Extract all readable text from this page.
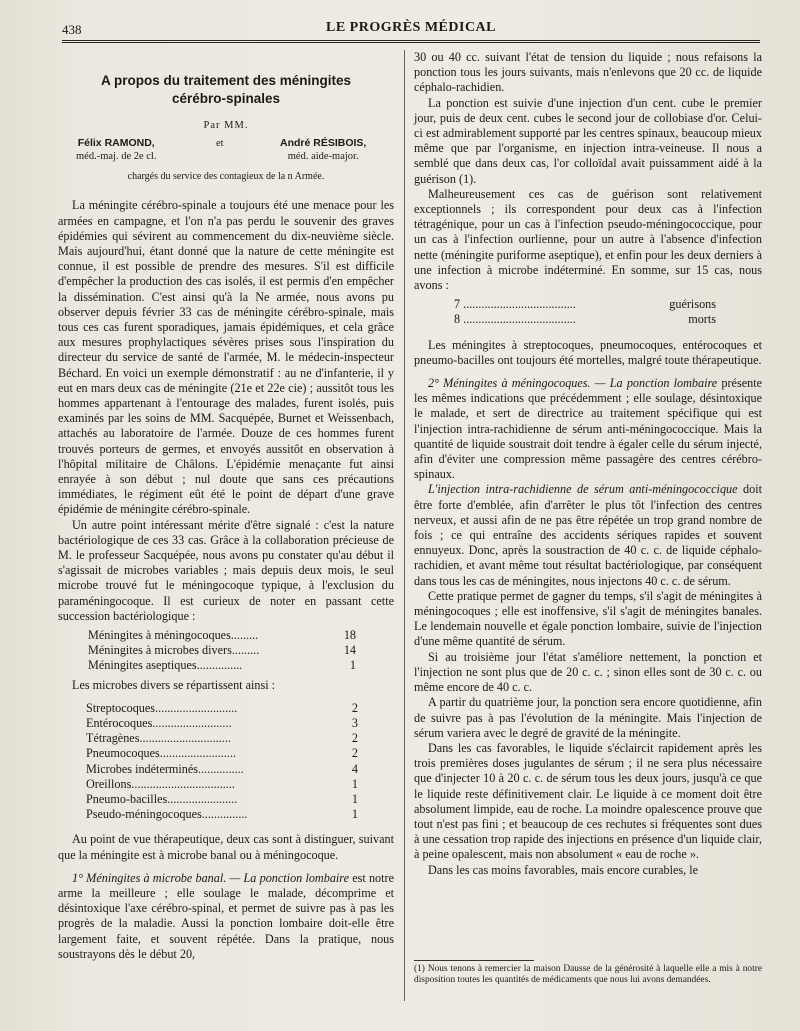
438	LE PROGRÈS MÉDICAL
A propos du traitement des méningites
cérébro-spinales
Par MM.
Félix RAMOND,
méd.-maj. de 2e cl.
et	André RÉSIBOIS,
méd. aide-major.
chargés du service des contagieux de la n Armée.

La méningite cérébro-spinale a toujours été une menace pour les armées en campagne, et l'on n'a pas perdu le souvenir des graves épidémies qui sévirent au commencement du dix-neuvième siècle. Mais aujourd'hui, étant donné que la nature de cette méningite est connue, il est possible de prendre des mesures. S'il est difficile d'empêcher la production des cas isolés, il est permis d'en empêcher la dissémination. C'est ainsi qu'à la Ne armée, nous avons pu observer depuis février 33 cas de méningite cérébro-spinale, mais tous ces cas furent sporadiques, jamais épidémiques, et cela grâce aux mesures prophylactiques sévères prises sous l'inspiration du directeur du service de santé de l'armée, M. le médecin-inspecteur Béchard. En voici un exemple démonstratif : au ne d'infanterie, il y eut en mars deux cas de méningite (21e et 22e cie) ; aussitôt tous les hommes appartenant à l'entourage des malades, furent isolés, puis examinés par les soins de MM. Sacquépée, Burnet et Weissenbach, attachés au laboratoire de l'armée. Douze de ces hommes furent trouvés porteurs de germes, et envoyés aussitôt en observation à l'hôpital militaire de Châlons. L'épidémie menaçante fut ainsi enrayée à son début ; nul doute que sans ces précautions immédiates, le régiment eût été le point de départ d'une grave épidémie de méningite cérébro-spinale.

Un autre point intéressant mérite d'être signalé : c'est la nature bactériologique de ces 33 cas. Grâce à la collaboration précieuse de M. le professeur Sacquépée, nous avons pu constater qu'au début il s'agissait de microbes variables ; mais depuis deux mois, le seul microbe trouvé fut le méningocoque typique, à l'exclusion du paraméningocoque. Il est curieux de noter en passant cette succession bactériologique :

Méningites à méningocoques.........	18
Méningites à microbes divers.........	14
Méningites aseptiques...............	1

Les microbes divers se répartissent ainsi :

Streptocoques...........................	2
Entérocoques..........................	3
Tétragènes..............................	2
Pneumocoques.........................	2
Microbes indéterminés...............	4
Oreillons..................................	1
Pneumo-bacilles.......................	1
Pseudo-méningocoques...............	1

Au point de vue thérapeutique, deux cas sont à distinguer, suivant que la méningite est à microbe banal ou à méningocoque.

1° Méningites à microbe banal. — La ponction lombaire est notre arme la meilleure ; elle soulage le malade, décomprime et désintoxique l'axe cérébro-spinal, et permet de suivre pas à pas les progrès de la maladie. Aussi la ponction lombaire doit-elle être largement faite, et souvent répétée. Dans la pratique, nous soustrayons dès le début 20,

30 ou 40 cc. suivant l'état de tension du liquide ; nous refaisons la ponction tous les jours suivants, mais n'enlevons que 20 cc. de liquide céphalo-rachidien.

La ponction est suivie d'une injection d'un cent. cube le premier jour, puis de deux cent. cubes le second jour de collobiase d'or. Celui-ci est admirablement supporté par les centres spinaux, beaucoup mieux même que par l'organisme, en injection intra-veineuse. Il nous a semblé que dans deux cas, l'or colloïdal avait puissamment aidé à la guérison (1).

Malheureusement ces cas de guérison sont relativement exceptionnels ; ils correspondent pour deux cas à l'infection tétragénique, pour un cas à l'infection pseudo-méningococcique, pour un cas à l'infection ourlienne, pour un autre à l'absence d'infection nette (méningite puriforme aseptique), et enfin pour les deux derniers à une infection à microbe indéterminé. En somme, sur 15 cas, nous avons :

7 .....................................	guérisons
8 .....................................	morts

Les méningites à streptocoques, pneumocoques, entérocoques et pneumo-bacilles ont toujours été mortelles, malgré toute thérapeutique.

2° Méningites à méningocoques. — La ponction lombaire présente les mêmes indications que précédemment ; elle soulage, désintoxique le malade, et sert de directrice au traitement spécifique qui est l'injection intra-rachidienne de sérum anti-méningococcique. Mais la quantité de liquide soustrait doit tendre à égaler celle du sérum injecté, afin d'éviter une compression même passagère des centres cérébro-spinaux.

L'injection intra-rachidienne de sérum anti-méningococcique doit être forte d'emblée, afin d'arrêter le plus tôt l'infection des centres nerveux, et aussi afin de ne pas être répétée un trop grand nombre de fois ; ce qui entraîne des accidents sériques rapides et souvent ennuyeux. Donc, après la soustraction de 40 c. c. de liquide céphalo-rachidien, et avant même tout résultat bactériologique, par conséquent dans tous les cas de méningites, nous injectons 40 c. c. de sérum.

Cette pratique permet de gagner du temps, s'il s'agit de méningites à méningocoques ; elle est inoffensive, s'il s'agit de méningites banales. Le lendemain nouvelle et égale ponction lombaire, suivie de l'injection d'une même quantité de sérum.

Si au troisième jour l'état s'améliore nettement, la ponction et l'injection ne sont plus que de 20 c. c. ; sinon elles sont de 30 c. c. ou même encore de 40 c. c.

A partir du quatrième jour, la ponction sera encore quotidienne, afin de suivre pas à pas l'évolution de la méningite. Mais l'injection de sérum variera avec le degré de gravité de la méningite.

Dans les cas favorables, le liquide s'éclaircit rapidement après les trois premières doses jugulantes de sérum ; il ne sera plus nécessaire que d'injecter 10 à 20 c. c. de sérum tous les deux jours, jusqu'à ce que le liquide reste définitivement clair. Le liquide à ce moment doit être absolument limpide, eau de roche. La moindre opalescence prouve que tout n'est pas fini ; et beaucoup de ces rechutes si fréquentes sont dues à une cessation trop rapide des injections en présence d'un liquide clair, à peine opalescent, mais non absolument « eau de roche ».

Dans les cas moins favorables, mais encore curables, le

(1) Nous tenons à remercier la maison Dausse de la générosité à laquelle elle a mis à notre disposition toutes les quantités de médicaments que nous lui avons demandées.
